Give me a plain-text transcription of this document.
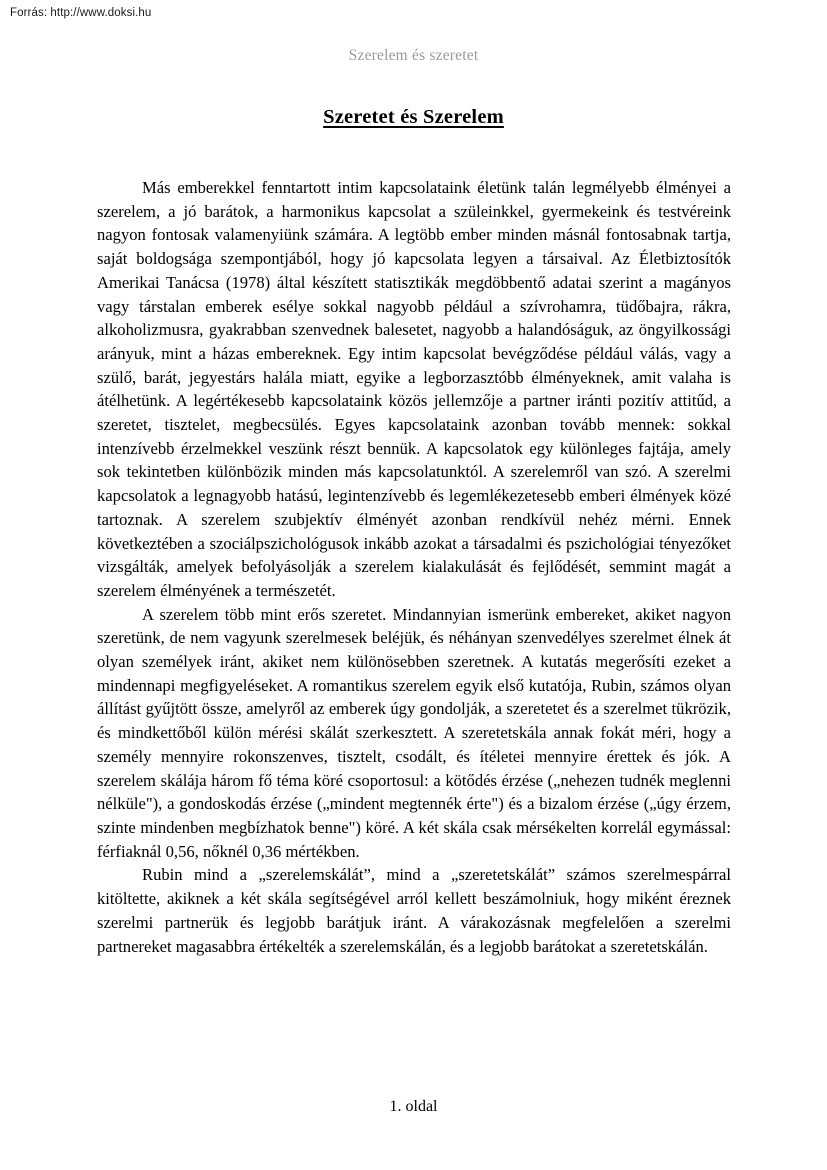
Forrás: http://www.doksi.hu
Szerelem és szeretet
Szeretet és Szerelem

Más emberekkel fenntartott intim kapcsolataink életünk talán legmélyebb élményei a szerelem, a jó barátok, a harmonikus kapcsolat a szüleinkkel, gyermekeink és testvéreink nagyon fontosak valamenyiünk számára. A legtöbb ember minden másnál fontosabnak tartja, saját boldogsága szempontjából, hogy jó kapcsolata legyen a társaival. Az Életbiztosítók Amerikai Tanácsa (1978) által készített statisztikák megdöbbentő adatai szerint a magányos vagy társtalan emberek esélye sokkal nagyobb például a szívrohamra, tüdőbajra, rákra, alkoholizmusra, gyakrabban szenvednek balesetet, nagyobb a halandóságuk, az öngyilkossági arányuk, mint a házas embereknek. Egy intim kapcsolat bevégződése például válás, vagy a szülő, barát, jegyestárs halála miatt, egyike a legborzasztóbb élményeknek, amit valaha is átélhetünk. A legértékesebb kapcsolataink közös jellemzője a partner iránti pozitív attitűd, a szeretet, tisztelet, megbecsülés. Egyes kapcsolataink azonban tovább mennek: sokkal intenzívebb érzelmekkel veszünk részt bennük. A kapcsolatok egy különleges fajtája, amely sok tekintetben különbözik minden más kapcsolatunktól. A szerelemről van szó. A szerelmi kapcsolatok a legnagyobb hatású, legintenzívebb és legemlékezetesebb emberi élmények közé tartoznak. A szerelem szubjektív élményét azonban rendkívül nehéz mérni. Ennek következtében a szociálpszichológusok inkább azokat a társadalmi és pszichológiai tényezőket vizsgálták, amelyek befolyásolják a szerelem kialakulását és fejlődését, semmint magát a szerelem élményének a természetét.

A szerelem több mint erős szeretet. Mindannyian ismerünk embereket, akiket nagyon szeretünk, de nem vagyunk szerelmesek beléjük, és néhányan szenvedélyes szerelmet élnek át olyan személyek iránt, akiket nem különösebben szeretnek. A kutatás megerősíti ezeket a mindennapi megfigyeléseket. A romantikus szerelem egyik első kutatója, Rubin, számos olyan állítást gyűjtött össze, amelyről az emberek úgy gondolják, a szeretetet és a szerelmet tükrözik, és mindkettőből külön mérési skálát szerkesztett. A szeretetskála annak fokát méri, hogy a személy mennyire rokonszenves, tisztelt, csodált, és ítéletei mennyire érettek és jók. A szerelem skálája három fő téma köré csoportosul: a kötődés érzése („nehezen tudnék meglenni nélküle"), a gondoskodás érzése („mindent megtennék érte") és a bizalom érzése („úgy érzem, szinte mindenben megbízhatok benne") köré. A két skála csak mérsékelten korrelál egymással: férfiaknál 0,56, nőknél 0,36 mértékben.

Rubin mind a „szerelemskálát”, mind a „szeretetskálát” számos szerelmespárral kitöltette, akiknek a két skála segítségével arról kellett beszámolniuk, hogy miként éreznek szerelmi partnerük és legjobb barátjuk iránt. A várakozásnak megfelelően a szerelmi partnereket magasabbra értékelték a szerelemskálán, és a legjobb barátokat a szeretetskálán.

1. oldal
